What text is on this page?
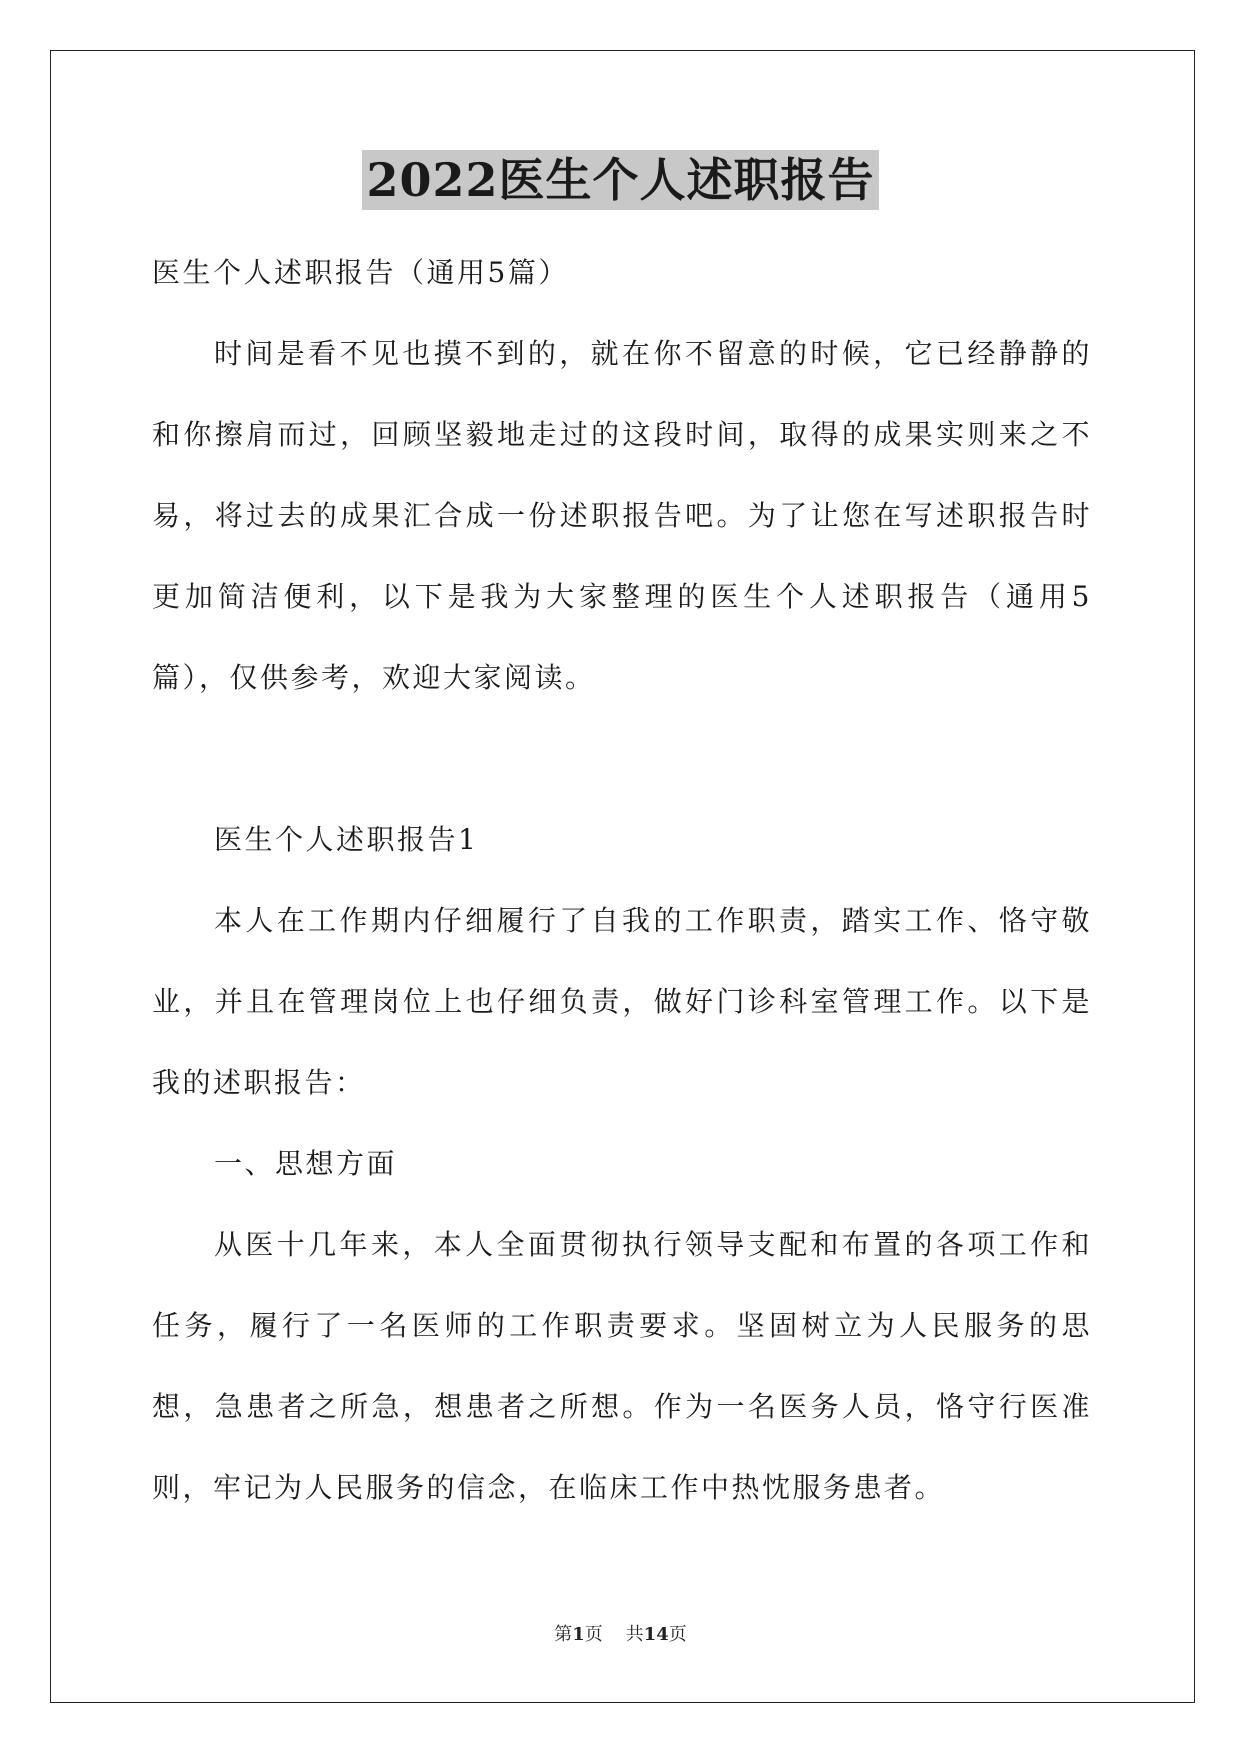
2022医生个人述职报告

医生个人述职报告（通用5篇）

时间是看不见也摸不到的，就在你不留意的时候，它已经静静的和你擦肩而过，回顾坚毅地走过的这段时间，取得的成果实则来之不易，将过去的成果汇合成一份述职报告吧。为了让您在写述职报告时更加简洁便利，以下是我为大家整理的医生个人述职报告（通用5篇），仅供参考，欢迎大家阅读。

医生个人述职报告1

本人在工作期内仔细履行了自我的工作职责，踏实工作、恪守敬业，并且在管理岗位上也仔细负责，做好门诊科室管理工作。以下是我的述职报告：

一、思想方面

从医十几年来，本人全面贯彻执行领导支配和布置的各项工作和任务，履行了一名医师的工作职责要求。坚固树立为人民服务的思想，急患者之所急，想患者之所想。作为一名医务人员，恪守行医准则，牢记为人民服务的信念，在临床工作中热忱服务患者。

第1页 共14页
